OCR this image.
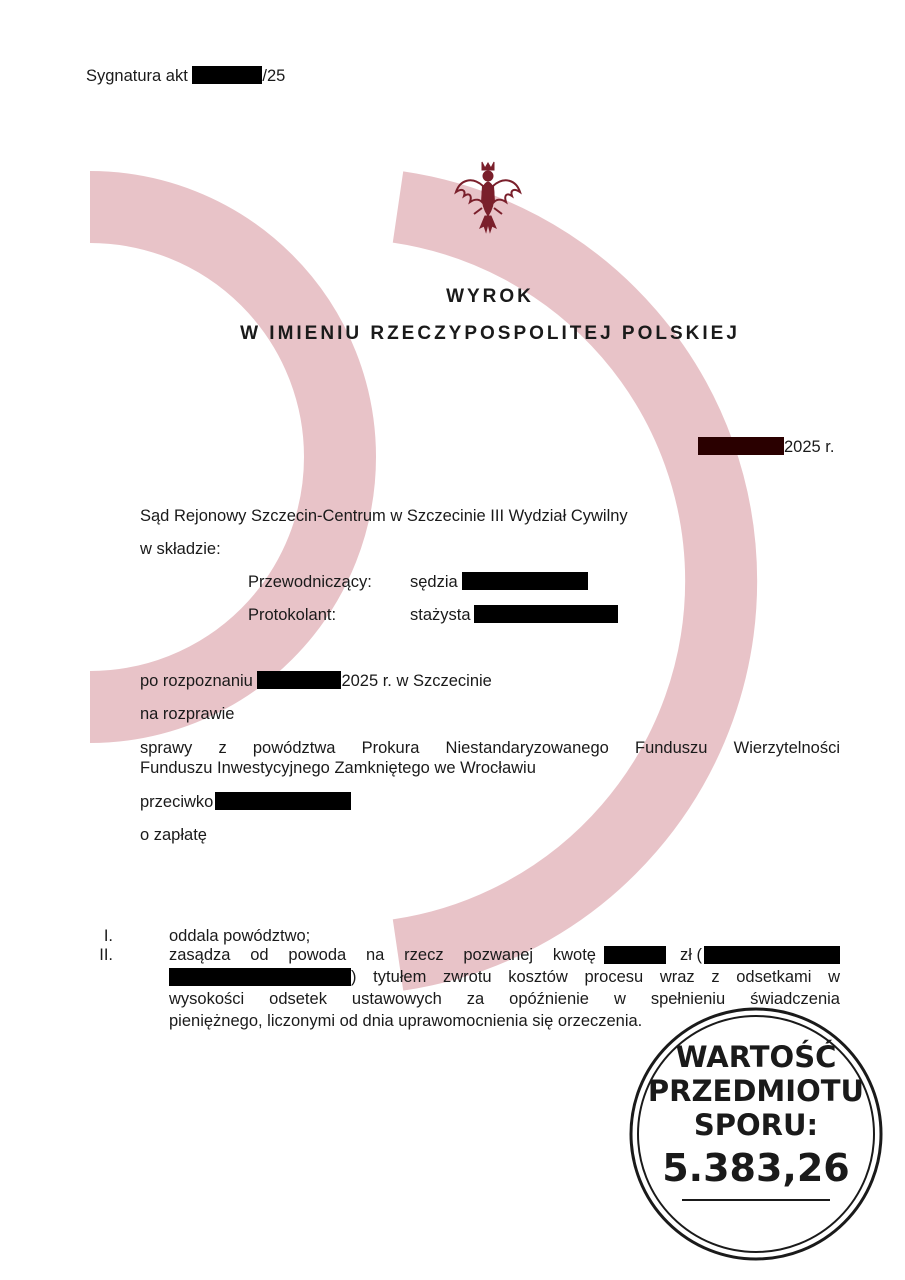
Sygnatura akt	/25
WYROK
W IMIENIU RZECZYPOSPOLITEJ POLSKIEJ
2025 r.
Sąd Rejonowy Szczecin-Centrum w Szczecinie III Wydział Cywilny
w składzie:
Przewodniczący: sędzia
Protokolant:	stażysta
po rozpoznaniu	2025 r. w Szczecinie
na rozprawie
sprawy z powództwa Prokura Niestandaryzowanego Funduszu Wierzytelności
Funduszu Inwestycyjnego Zamkniętego we Wrocławiu
przeciwko
o zapłatę
I.	oddala powództwo;
II.	zasądza od powoda na rzecz pozwanej kwotę	zł (
) tytułem zwrotu kosztów procesu wraz z odsetkami w
wysokości odsetek ustawowych za opóźnienie w spełnieniu świadczenia
pieniężnego, liczonymi od dnia uprawomocnienia się orzeczenia.
WARTOŚĆ
PRZEDMIOTU
SPORU:
5.383,26
